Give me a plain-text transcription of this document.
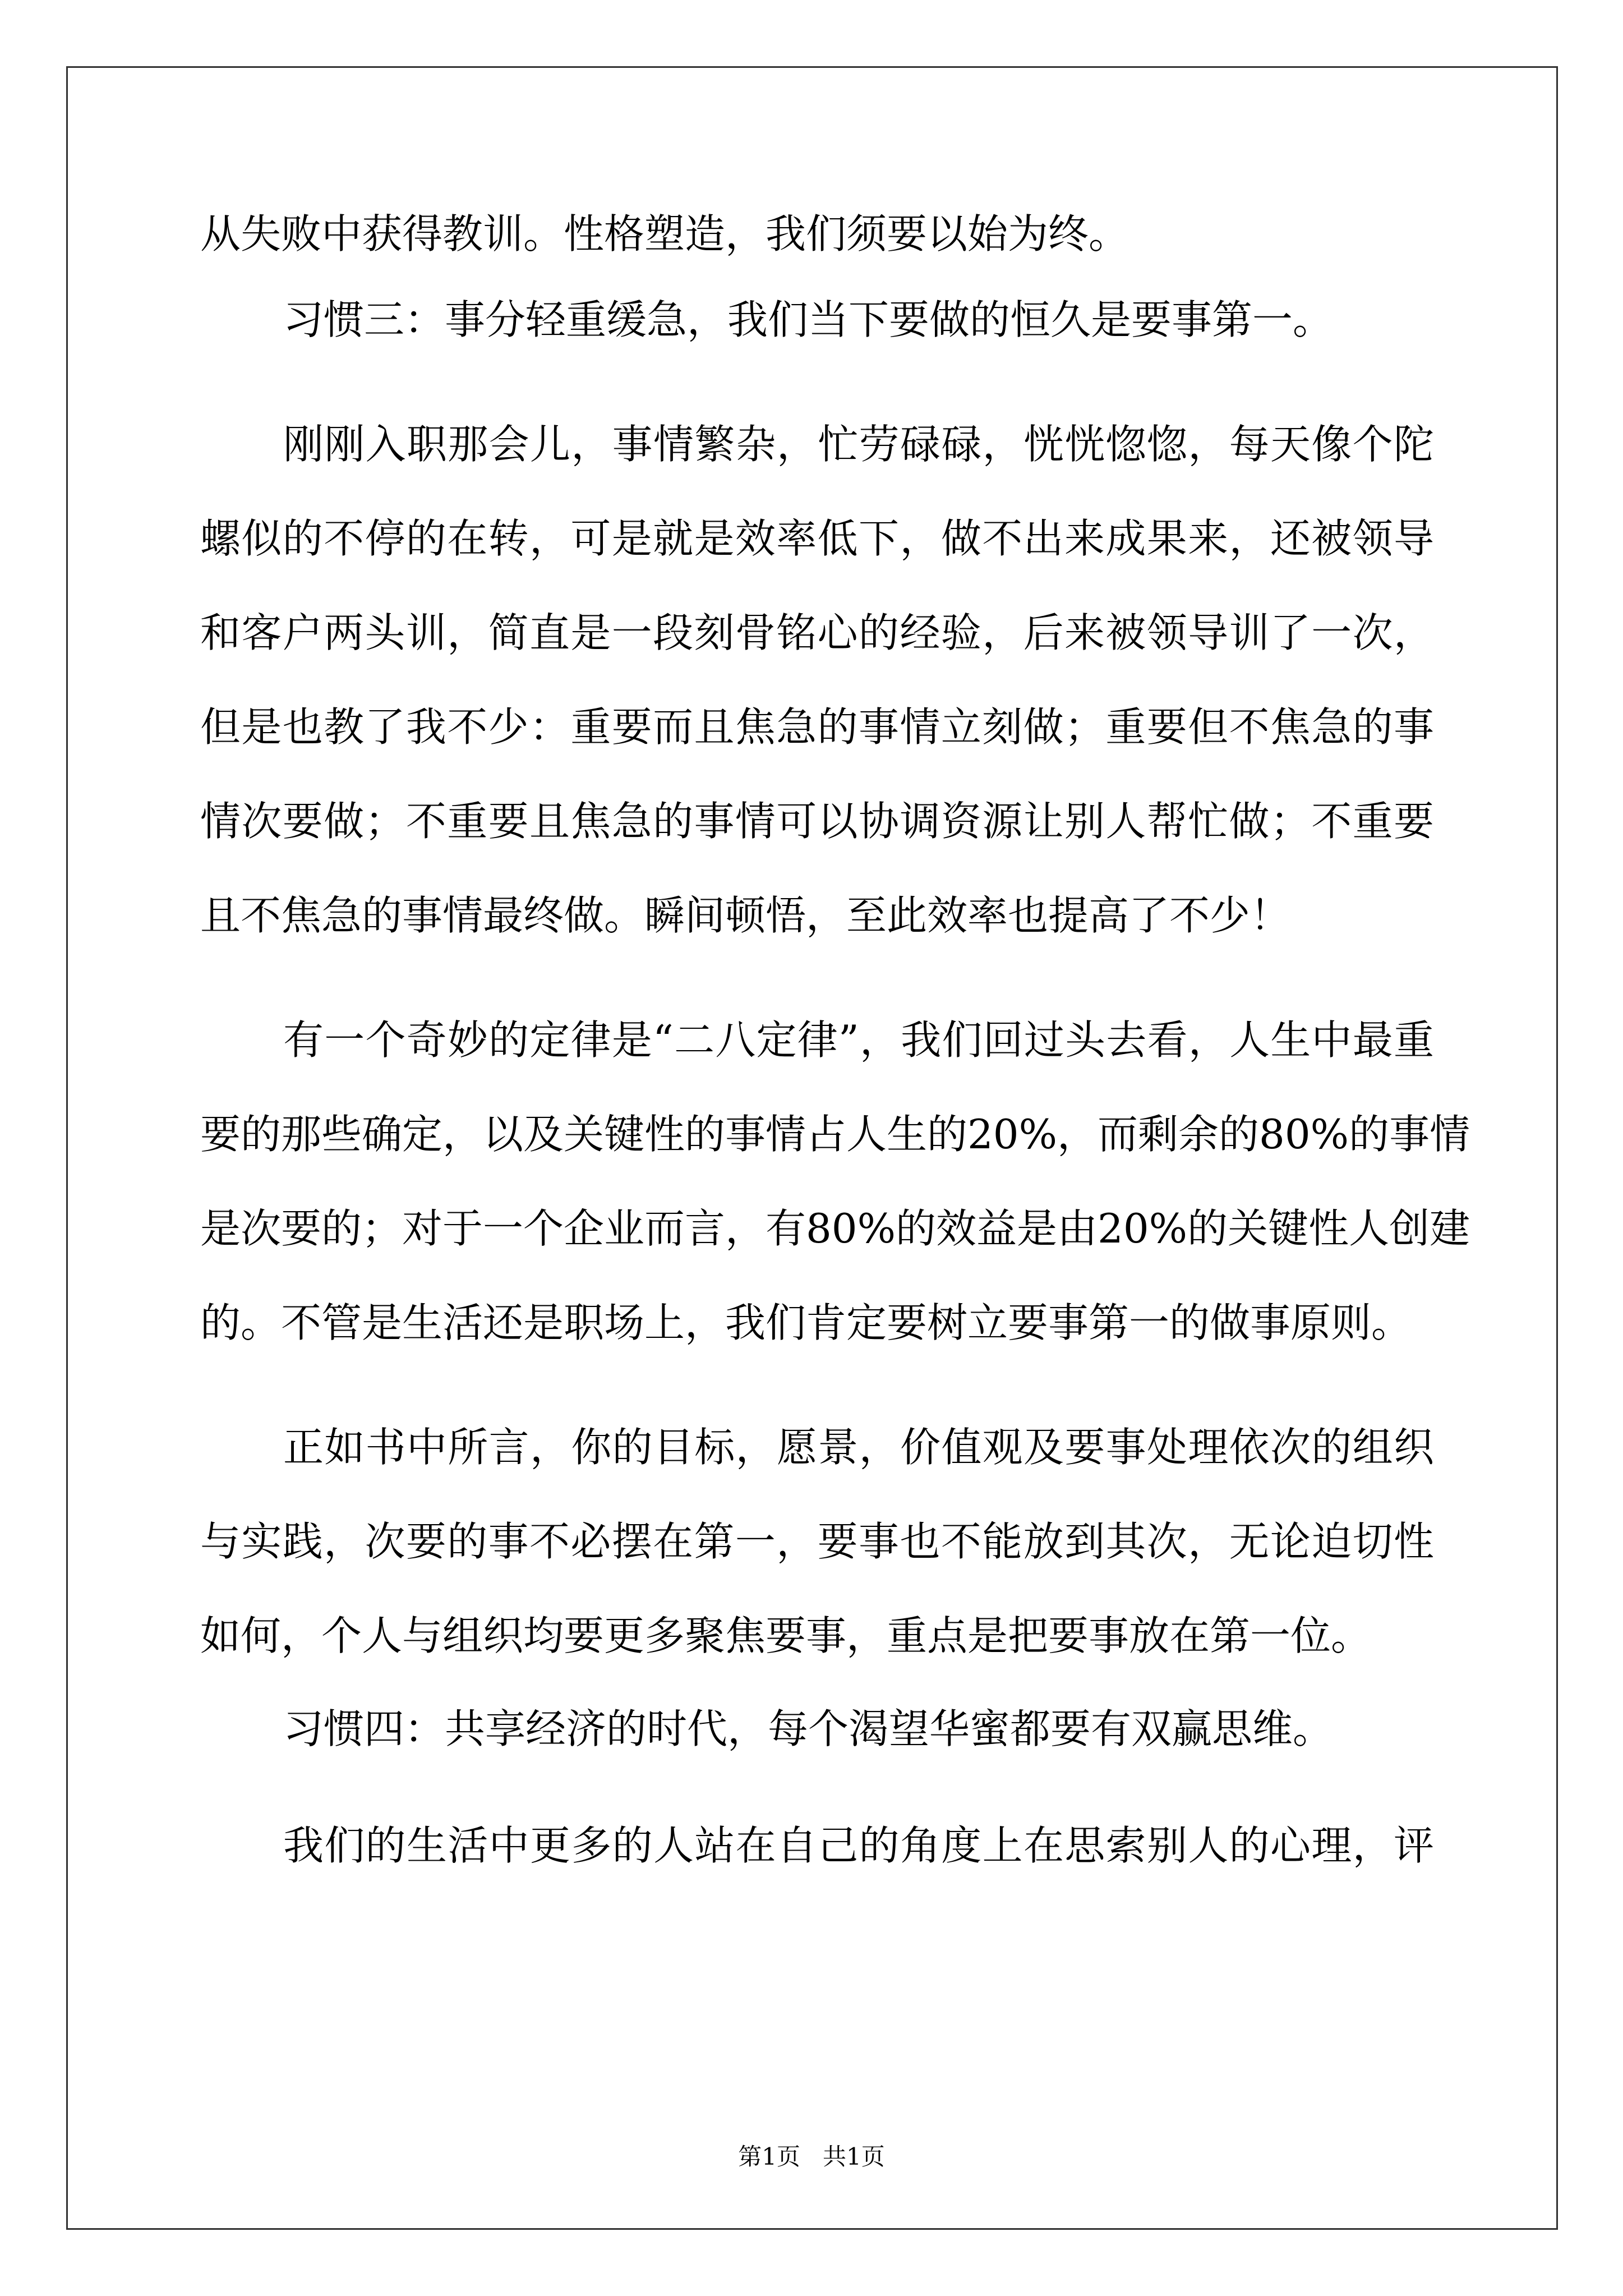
从失败中获得教训。性格塑造，我们须要以始为终。
习惯三：事分轻重缓急，我们当下要做的恒久是要事第一。
刚刚入职那会儿，事情繁杂，忙劳碌碌，恍恍惚惚，每天像个陀
螺似的不停的在转，可是就是效率低下，做不出来成果来，还被领导
和客户两头训，简直是一段刻骨铭心的经验，后来被领导训了一次，
但是也教了我不少：重要而且焦急的事情立刻做；重要但不焦急的事
情次要做；不重要且焦急的事情可以协调资源让别人帮忙做；不重要
且不焦急的事情最终做。瞬间顿悟，至此效率也提高了不少！
有一个奇妙的定律是“二八定律”，我们回过头去看，人生中最重
要的那些确定，以及关键性的事情占人生的20%，而剩余的80%的事情
是次要的；对于一个企业而言，有80%的效益是由20%的关键性人创建
的。不管是生活还是职场上，我们肯定要树立要事第一的做事原则。
正如书中所言，你的目标，愿景，价值观及要事处理依次的组织
与实践，次要的事不必摆在第一，要事也不能放到其次，无论迫切性
如何，个人与组织均要更多聚焦要事，重点是把要事放在第一位。
习惯四：共享经济的时代，每个渴望华蜜都要有双赢思维。
我们的生活中更多的人站在自己的角度上在思索别人的心理，评
第1页   共1页
